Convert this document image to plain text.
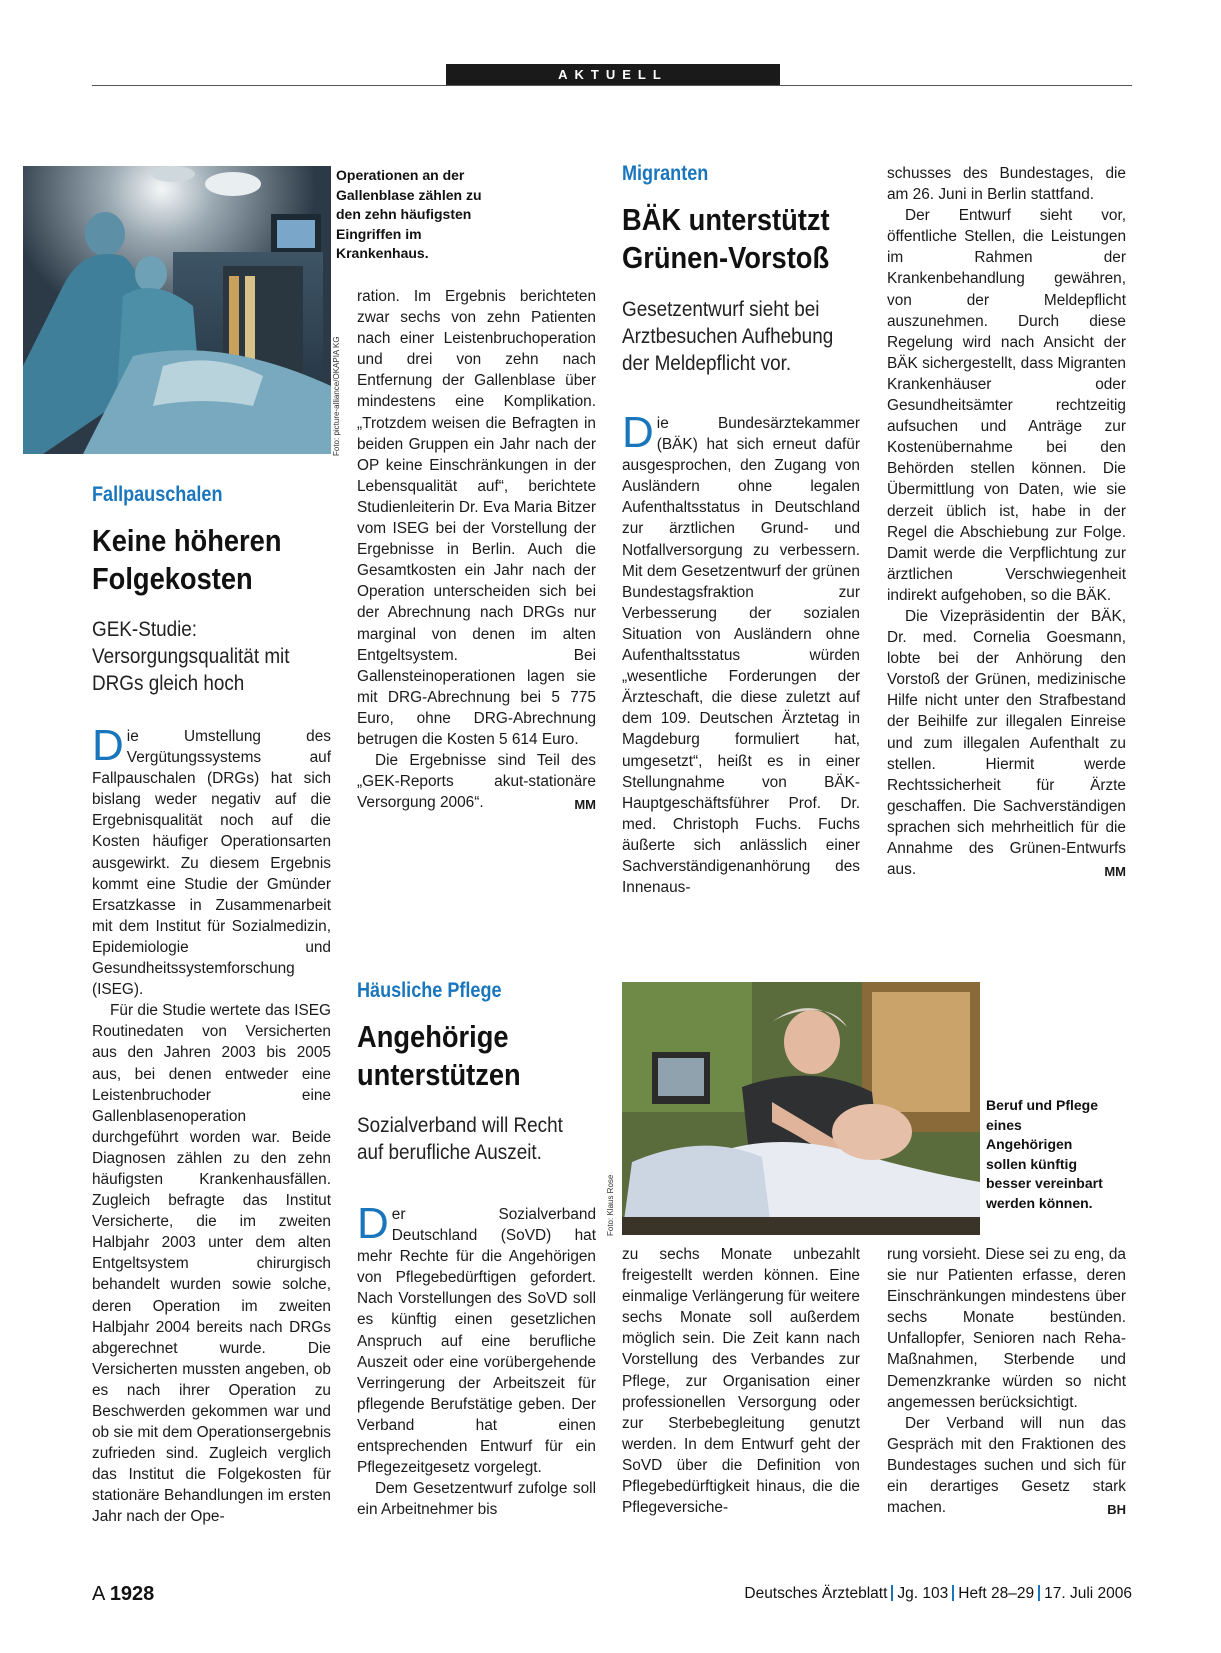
AKTUELL
Foto: picture-alliance/OKAPIA KG
Operationen an der Gallenblase zählen zu den zehn häufigsten Eingriffen im Krankenhaus.
Fallpauschalen
Keine höheren Folgekosten
GEK-Studie: Versorgungsqualität mit DRGs gleich hoch

Die Umstellung des Vergütungssystems auf Fallpauschalen (DRGs) hat sich bislang weder negativ auf die Ergebnisqualität noch auf die Kosten häufiger Operationsarten ausgewirkt. Zu diesem Ergebnis kommt eine Studie der Gmünder Ersatzkasse in Zusammenarbeit mit dem Institut für Sozialmedizin, Epidemiologie und Gesundheitssystemforschung (ISEG).

Für die Studie wertete das ISEG Routinedaten von Versicherten aus den Jahren 2003 bis 2005 aus, bei denen entweder eine Leistenbruchoder eine Gallenblasenoperation durchgeführt worden war. Beide Diagnosen zählen zu den zehn häufigsten Krankenhausfällen. Zugleich befragte das Institut Versicherte, die im zweiten Halbjahr 2003 unter dem alten Entgeltsystem chirurgisch behandelt wurden sowie solche, deren Operation im zweiten Halbjahr 2004 bereits nach DRGs abgerechnet wurde. Die Versicherten mussten angeben, ob es nach ihrer Operation zu Beschwerden gekommen war und ob sie mit dem Operationsergebnis zufrieden sind. Zugleich verglich das Institut die Folgekosten für stationäre Behandlungen im ersten Jahr nach der Ope-

ration. Im Ergebnis berichteten zwar sechs von zehn Patienten nach einer Leistenbruchoperation und drei von zehn nach Entfernung der Gallenblase über mindestens eine Komplikation. „Trotzdem weisen die Befragten in beiden Gruppen ein Jahr nach der OP keine Einschränkungen in der Lebensqualität auf“, berichtete Studienleiterin Dr. Eva Maria Bitzer vom ISEG bei der Vorstellung der Ergebnisse in Berlin. Auch die Gesamtkosten ein Jahr nach der Operation unterscheiden sich bei der Abrechnung nach DRGs nur marginal von denen im alten Entgeltsystem. Bei Gallensteinoperationen lagen sie mit DRG-Abrechnung bei 5 775 Euro, ohne DRG-Abrechnung betrugen die Kosten 5 614 Euro.

Die Ergebnisse sind Teil des „GEK-Reports akut-stationäre Versorgung 2006“.	MM

Migranten
BÄK unterstützt Grünen-Vorstoß
Gesetzentwurf sieht bei Arztbesuchen Aufhebung der Meldepflicht vor.

Die Bundesärztekammer (BÄK) hat sich erneut dafür ausgesprochen, den Zugang von Ausländern ohne legalen Aufenthaltsstatus in Deutschland zur ärztlichen Grund- und Notfallversorgung zu verbessern. Mit dem Gesetzentwurf der grünen Bundestagsfraktion zur Verbesserung der sozialen Situation von Ausländern ohne Aufenthaltsstatus würden „wesentliche Forderungen der Ärzteschaft, die diese zuletzt auf dem 109. Deutschen Ärztetag in Magdeburg formuliert hat, umgesetzt“, heißt es in einer Stellungnahme von BÄK-Hauptgeschäftsführer Prof. Dr. med. Christoph Fuchs. Fuchs äußerte sich anlässlich einer Sachverständigenanhörung des Innenaus-

schusses des Bundestages, die am 26. Juni in Berlin stattfand.

Der Entwurf sieht vor, öffentliche Stellen, die Leistungen im Rahmen der Krankenbehandlung gewähren, von der Meldepflicht auszunehmen. Durch diese Regelung wird nach Ansicht der BÄK sichergestellt, dass Migranten Krankenhäuser oder Gesundheitsämter rechtzeitig aufsuchen und Anträge zur Kostenübernahme bei den Behörden stellen können. Die Übermittlung von Daten, wie sie derzeit üblich ist, habe in der Regel die Abschiebung zur Folge. Damit werde die Verpflichtung zur ärztlichen Verschwiegenheit indirekt aufgehoben, so die BÄK.

Die Vizepräsidentin der BÄK, Dr. med. Cornelia Goesmann, lobte bei der Anhörung den Vorstoß der Grünen, medizinische Hilfe nicht unter den Strafbestand der Beihilfe zur illegalen Einreise und zum illegalen Aufenthalt zu stellen. Hiermit werde Rechtssicherheit für Ärzte geschaffen. Die Sachverständigen sprachen sich mehrheitlich für die Annahme des Grünen-Entwurfs aus.	MM

Häusliche Pflege
Angehörige unterstützen
Sozialverband will Recht auf berufliche Auszeit.
Foto: Klaus Rose
Beruf und Pflege eines Angehörigen sollen künftig besser vereinbart werden können.

Der Sozialverband Deutschland (SoVD) hat mehr Rechte für die Angehörigen von Pflegebedürftigen gefordert. Nach Vorstellungen des SoVD soll es künftig einen gesetzlichen Anspruch auf eine berufliche Auszeit oder eine vorübergehende Verringerung der Arbeitszeit für pflegende Berufstätige geben. Der Verband hat einen entsprechenden Entwurf für ein Pflegezeitgesetz vorgelegt.

Dem Gesetzentwurf zufolge soll ein Arbeitnehmer bis

zu sechs Monate unbezahlt freigestellt werden können. Eine einmalige Verlängerung für weitere sechs Monate soll außerdem möglich sein. Die Zeit kann nach Vorstellung des Verbandes zur Pflege, zur Organisation einer professionellen Versorgung oder zur Sterbebegleitung genutzt werden. In dem Entwurf geht der SoVD über die Definition von Pflegebedürftigkeit hinaus, die die Pflegeversiche-

rung vorsieht. Diese sei zu eng, da sie nur Patienten erfasse, deren Einschränkungen mindestens über sechs Monate bestünden. Unfallopfer, Senioren nach Reha-Maßnahmen, Sterbende und Demenzkranke würden so nicht angemessen berücksichtigt.

Der Verband will nun das Gespräch mit den Fraktionen des Bundestages suchen und sich für ein derartiges Gesetz stark machen.	BH

A 1928	Deutsches Ärzteblatt Jg. 103 Heft 28–29 17. Juli 2006
